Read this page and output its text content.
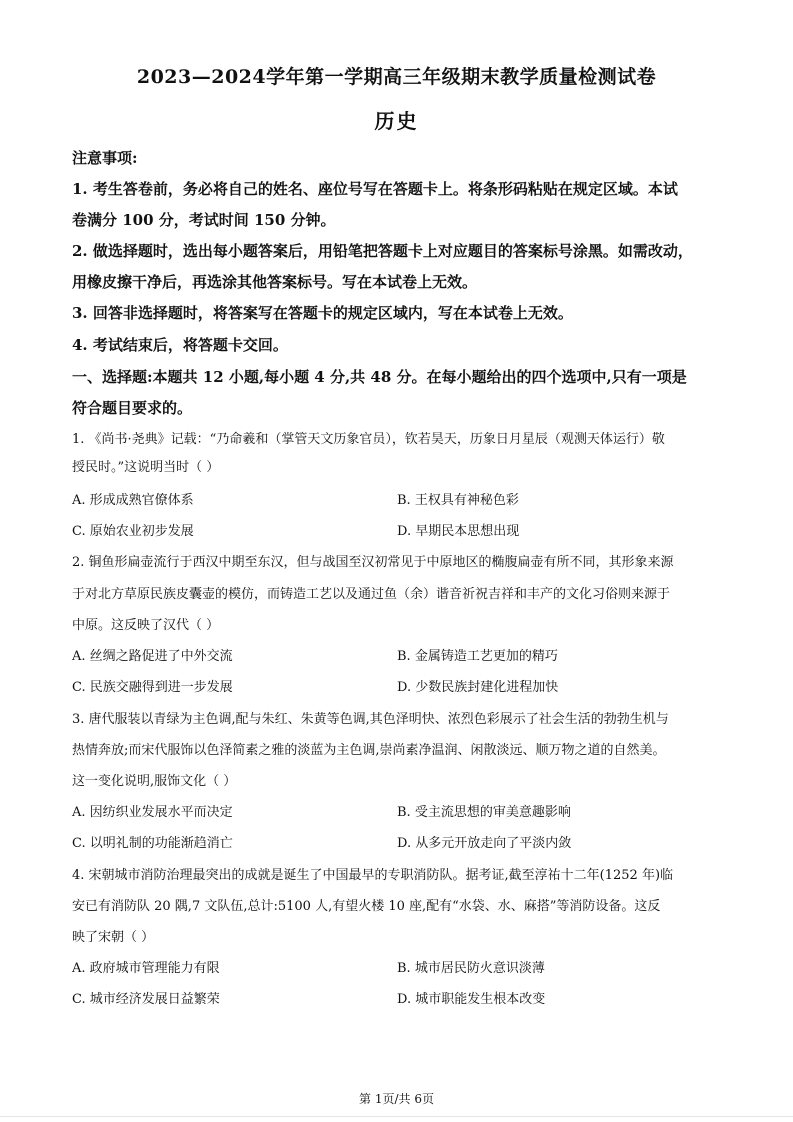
2023—2024学年第一学期高三年级期末教学质量检测试卷
历史
注意事项:
1. 考生答卷前，务必将自己的姓名、座位号写在答题卡上。将条形码粘贴在规定区域。本试
卷满分 100 分，考试时间 150 分钟。
2. 做选择题时，选出每小题答案后，用铅笔把答题卡上对应题目的答案标号涂黑。如需改动，
用橡皮擦干净后，再选涂其他答案标号。写在本试卷上无效。
3. 回答非选择题时，将答案写在答题卡的规定区域内，写在本试卷上无效。
4. 考试结束后，将答题卡交回。
一、选择题:本题共 12 小题,每小题 4 分,共 48 分。在每小题给出的四个选项中,只有一项是
符合题目要求的。
1. 《尚书·尧典》记载：“乃命羲和（掌管天文历象官员），钦若昊天，历象日月星辰（观测天体运行）敬
授民时。”这说明当时（ ）
A. 形成成熟官僚体系	B. 王权具有神秘色彩
C. 原始农业初步发展	D. 早期民本思想出现
2. 铜鱼形扁壶流行于西汉中期至东汉，但与战国至汉初常见于中原地区的椭腹扁壶有所不同，其形象来源
于对北方草原民族皮囊壶的模仿，而铸造工艺以及通过鱼（余）谐音祈祝吉祥和丰产的文化习俗则来源于
中原。这反映了汉代（ ）
A. 丝绸之路促进了中外交流	B. 金属铸造工艺更加的精巧
C. 民族交融得到进一步发展	D. 少数民族封建化进程加快
3. 唐代服装以青绿为主色调,配与朱红、朱黄等色调,其色泽明快、浓烈色彩展示了社会生活的勃勃生机与
热情奔放;而宋代服饰以色泽简素之雅的淡蓝为主色调,崇尚素净温润、闲散淡远、顺万物之道的自然美。
这一变化说明,服饰文化（ ）
A. 因纺织业发展水平而决定	B. 受主流思想的审美意趣影响
C. 以明礼制的功能渐趋消亡	D. 从多元开放走向了平淡内敛
4. 宋朝城市消防治理最突出的成就是诞生了中国最早的专职消防队。据考证,截至淳祐十二年(1252 年)临
安已有消防队 20 隅,7 文队伍,总计:5100 人,有望火楼 10 座,配有“水袋、水、麻搭”等消防设备。这反
映了宋朝（ ）
A. 政府城市管理能力有限	B. 城市居民防火意识淡薄
C. 城市经济发展日益繁荣	D. 城市职能发生根本改变
第 1页/共 6页
